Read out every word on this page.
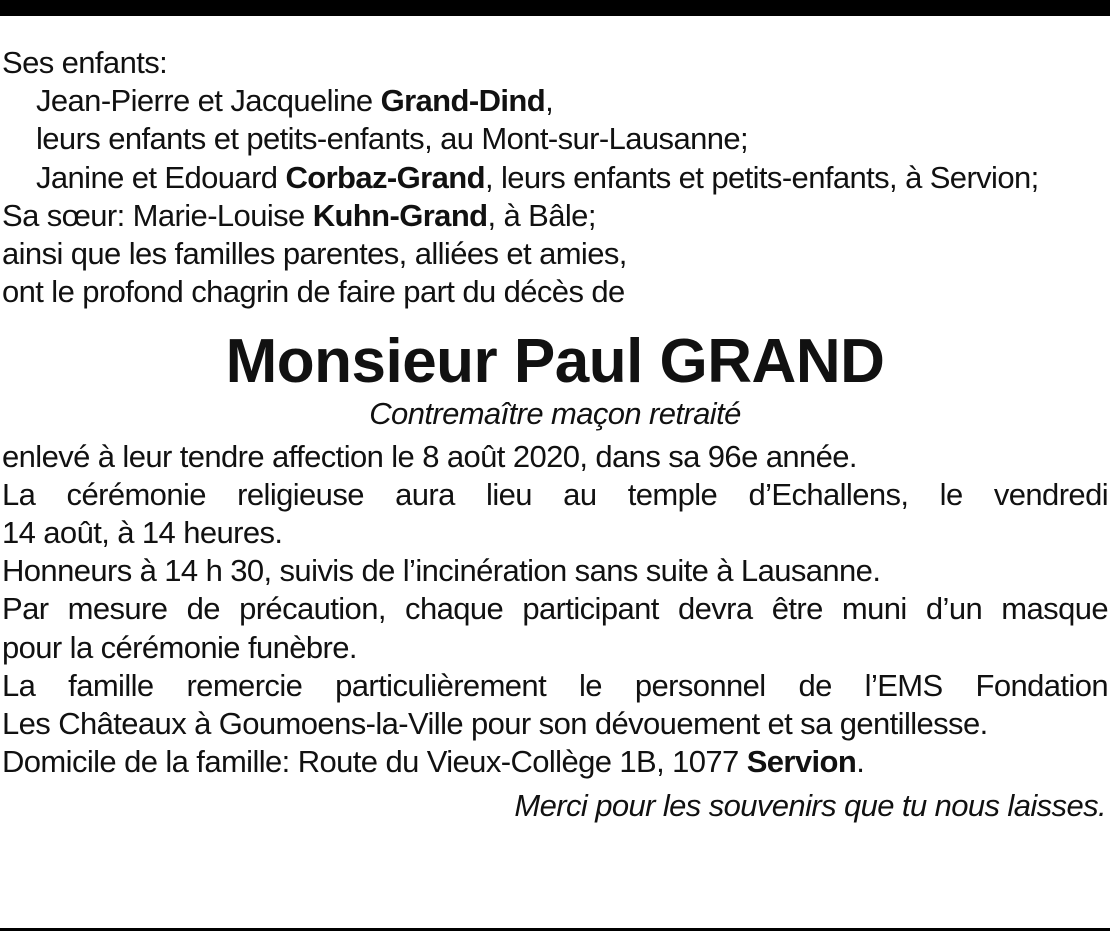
Ses enfants:
Jean-Pierre et Jacqueline Grand-Dind,
leurs enfants et petits-enfants, au Mont-sur-Lausanne;
Janine et Edouard Corbaz-Grand, leurs enfants et petits-enfants, à Servion;
Sa sœur: Marie-Louise Kuhn-Grand, à Bâle;
ainsi que les familles parentes, alliées et amies,
ont le profond chagrin de faire part du décès de
Monsieur Paul GRAND
Contremaître maçon retraité
enlevé à leur tendre affection le 8 août 2020, dans sa 96e année.
La cérémonie religieuse aura lieu au temple d’Echallens, le vendredi
14 août, à 14 heures.
Honneurs à 14 h 30, suivis de l’incinération sans suite à Lausanne.
Par mesure de précaution, chaque participant devra être muni d’un masque
pour la cérémonie funèbre.
La famille remercie particulièrement le personnel de l’EMS Fondation
Les Châteaux à Goumoens-la-Ville pour son dévouement et sa gentillesse.
Domicile de la famille: Route du Vieux-Collège 1B, 1077 Servion.
Merci pour les souvenirs que tu nous laisses.
